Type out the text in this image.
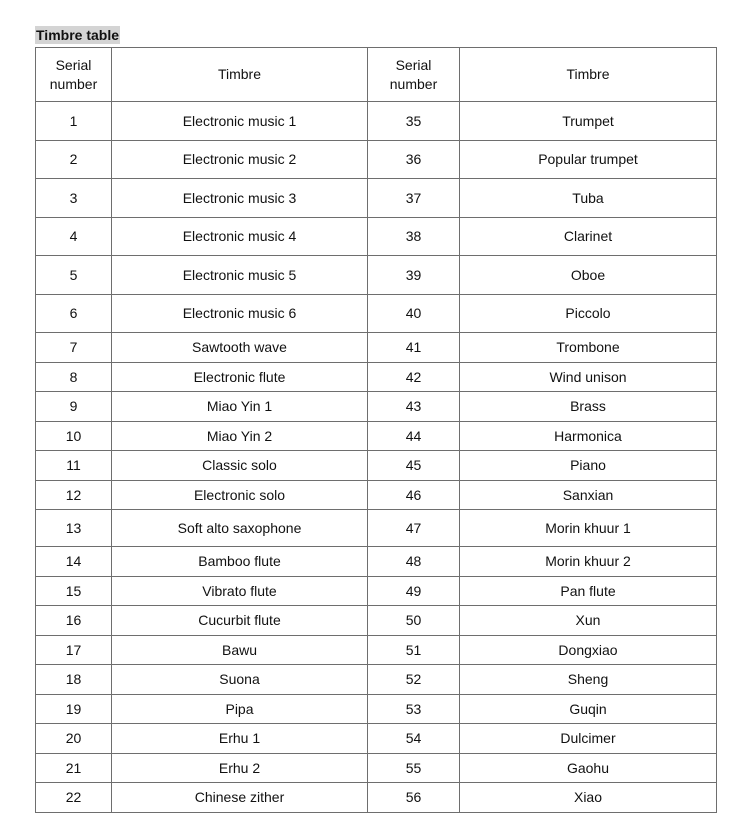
Timbre table
Serial
number	Timbre	Serial
number	Timbre
1	Electronic music 1	35	Trumpet
2	Electronic music 2	36	Popular trumpet
3	Electronic music 3	37	Tuba
4	Electronic music 4	38	Clarinet
5	Electronic music 5	39	Oboe
6	Electronic music 6	40	Piccolo
7	Sawtooth wave	41	Trombone
8	Electronic flute	42	Wind unison
9	Miao Yin 1	43	Brass
10	Miao Yin 2	44	Harmonica
11	Classic solo	45	Piano
12	Electronic solo	46	Sanxian
13	Soft alto saxophone	47	Morin khuur 1
14	Bamboo flute	48	Morin khuur 2
15	Vibrato flute	49	Pan flute
16	Cucurbit flute	50	Xun
17	Bawu	51	Dongxiao
18	Suona	52	Sheng
19	Pipa	53	Guqin
20	Erhu 1	54	Dulcimer
21	Erhu 2	55	Gaohu
22	Chinese zither	56	Xiao
